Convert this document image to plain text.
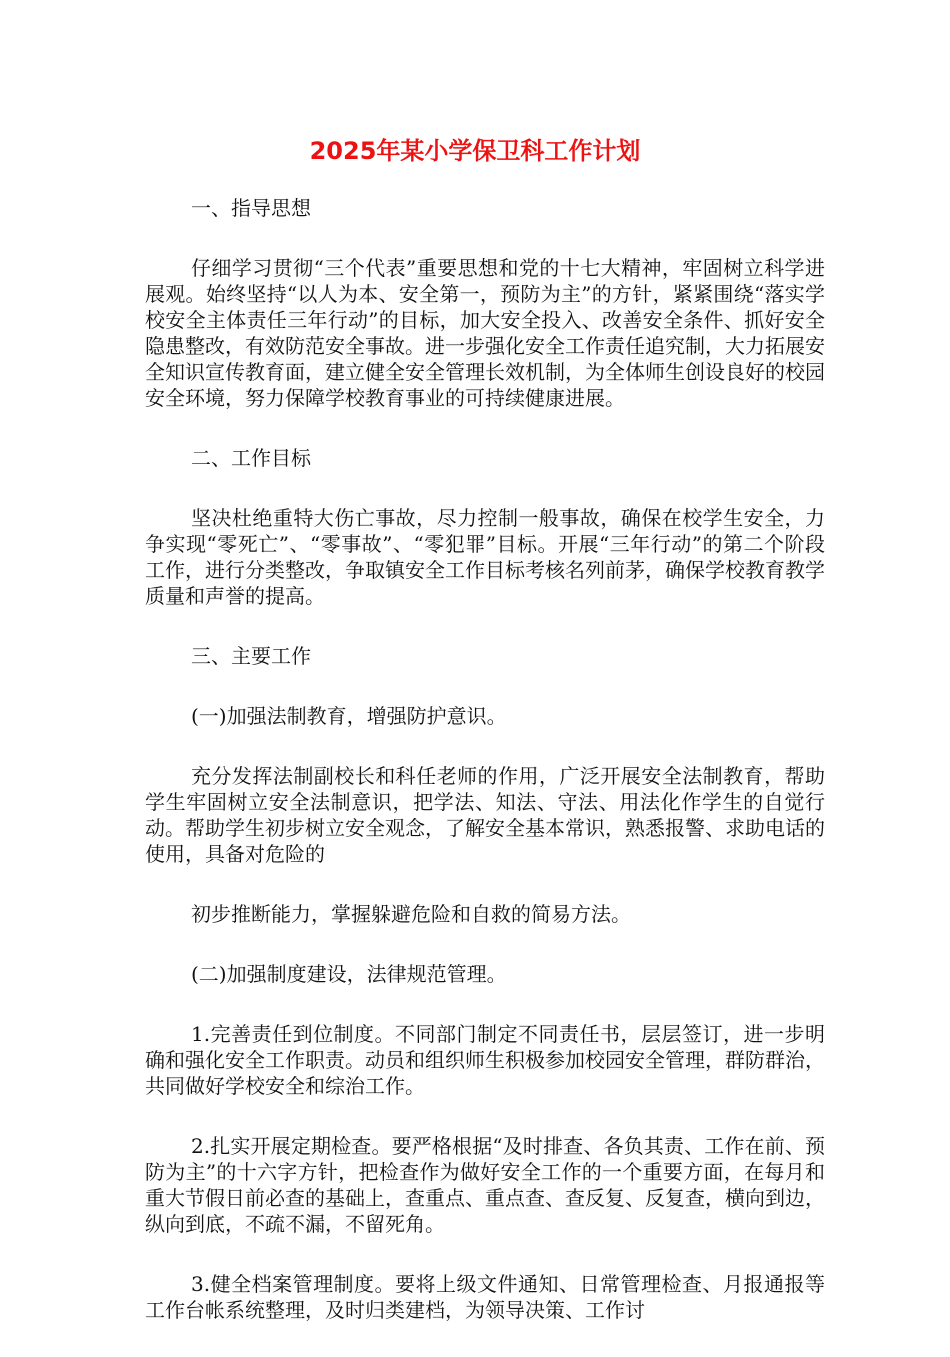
2025年某小学保卫科工作计划

一、指导思想

仔细学习贯彻“三个代表”重要思想和党的十七大精神，牢固树立科学进展观。始终坚持“以人为本、安全第一，预防为主”的方针，紧紧围绕“落实学校安全主体责任三年行动”的目标，加大安全投入、改善安全条件、抓好安全隐患整改，有效防范安全事故。进一步强化安全工作责任追究制，大力拓展安全知识宣传教育面，建立健全安全管理长效机制，为全体师生创设良好的校园安全环境，努力保障学校教育事业的可持续健康进展。

二、工作目标

坚决杜绝重特大伤亡事故，尽力控制一般事故，确保在校学生安全，力争实现“零死亡”、“零事故”、“零犯罪”目标。开展“三年行动”的第二个阶段工作，进行分类整改，争取镇安全工作目标考核名列前茅，确保学校教育教学质量和声誉的提高。

三、主要工作

(一)加强法制教育，增强防护意识。

充分发挥法制副校长和科任老师的作用，广泛开展安全法制教育，帮助学生牢固树立安全法制意识，把学法、知法、守法、用法化作学生的自觉行动。帮助学生初步树立安全观念，了解安全基本常识，熟悉报警、求助电话的使用，具备对危险的

初步推断能力，掌握躲避危险和自救的简易方法。

(二)加强制度建设，法律规范管理。

1.完善责任到位制度。不同部门制定不同责任书，层层签订，进一步明确和强化安全工作职责。动员和组织师生积极参加校园安全管理，群防群治，共同做好学校安全和综治工作。

2.扎实开展定期检查。要严格根据“及时排查、各负其责、工作在前、预防为主”的十六字方针，把检查作为做好安全工作的一个重要方面，在每月和重大节假日前必查的基础上，查重点、重点查、查反复、反复查，横向到边，纵向到底，不疏不漏，不留死角。

3.健全档案管理制度。要将上级文件通知、日常管理检查、月报通报等工作台帐系统整理，及时归类建档，为领导决策、工作讨
